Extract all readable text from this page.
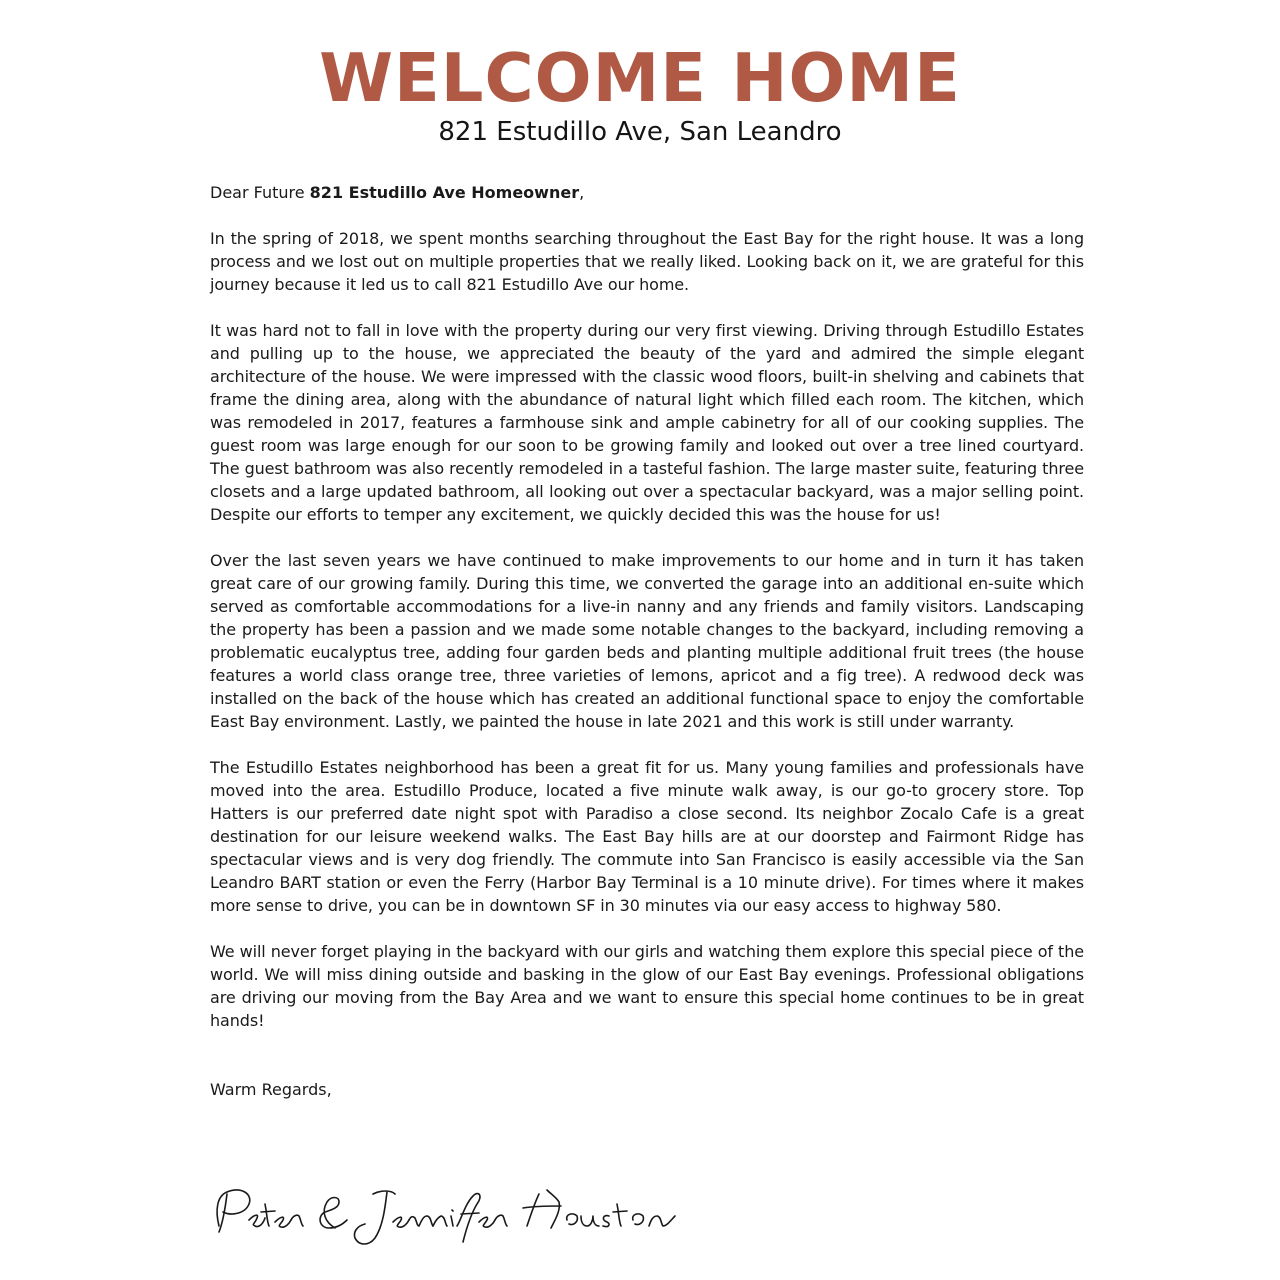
WELCOME HOME
821 Estudillo Ave, San Leandro
Dear Future 821 Estudillo Ave Homeowner,

In the spring of 2018, we spent months searching throughout the East Bay for the right house. It was a long process and we lost out on multiple properties that we really liked. Looking back on it, we are grateful for this journey because it led us to call 821 Estudillo Ave our home.

It was hard not to fall in love with the property during our very first viewing. Driving through Estudillo Estates and pulling up to the house, we appreciated the beauty of the yard and admired the simple elegant architecture of the house. We were impressed with the classic wood floors, built-in shelving and cabinets that frame the dining area, along with the abundance of natural light which filled each room. The kitchen, which was remodeled in 2017, features a farmhouse sink and ample cabinetry for all of our cooking supplies. The guest room was large enough for our soon to be growing family and looked out over a tree lined courtyard. The guest bathroom was also recently remodeled in a tasteful fashion. The large master suite, featuring three closets and a large updated bathroom, all looking out over a spectacular backyard, was a major selling point. Despite our efforts to temper any excitement, we quickly decided this was the house for us!

Over the last seven years we have continued to make improvements to our home and in turn it has taken great care of our growing family. During this time, we converted the garage into an additional en-suite which served as comfortable accommodations for a live-in nanny and any friends and family visitors. Landscaping the property has been a passion and we made some notable changes to the backyard, including removing a problematic eucalyptus tree, adding four garden beds and planting multiple additional fruit trees (the house features a world class orange tree, three varieties of lemons, apricot and a fig tree). A redwood deck was installed on the back of the house which has created an additional functional space to enjoy the comfortable East Bay environment. Lastly, we painted the house in late 2021 and this work is still under warranty.

The Estudillo Estates neighborhood has been a great fit for us. Many young families and professionals have moved into the area. Estudillo Produce, located a five minute walk away, is our go-to grocery store. Top Hatters is our preferred date night spot with Paradiso a close second. Its neighbor Zocalo Cafe is a great destination for our leisure weekend walks. The East Bay hills are at our doorstep and Fairmont Ridge has spectacular views and is very dog friendly. The commute into San Francisco is easily accessible via the San Leandro BART station or even the Ferry (Harbor Bay Terminal is a 10 minute drive). For times where it makes more sense to drive, you can be in downtown SF in 30 minutes via our easy access to highway 580.

We will never forget playing in the backyard with our girls and watching them explore this special piece of the world. We will miss dining outside and basking in the glow of our East Bay evenings. Professional obligations are driving our moving from the Bay Area and we want to ensure this special home continues to be in great hands!

Warm Regards,
